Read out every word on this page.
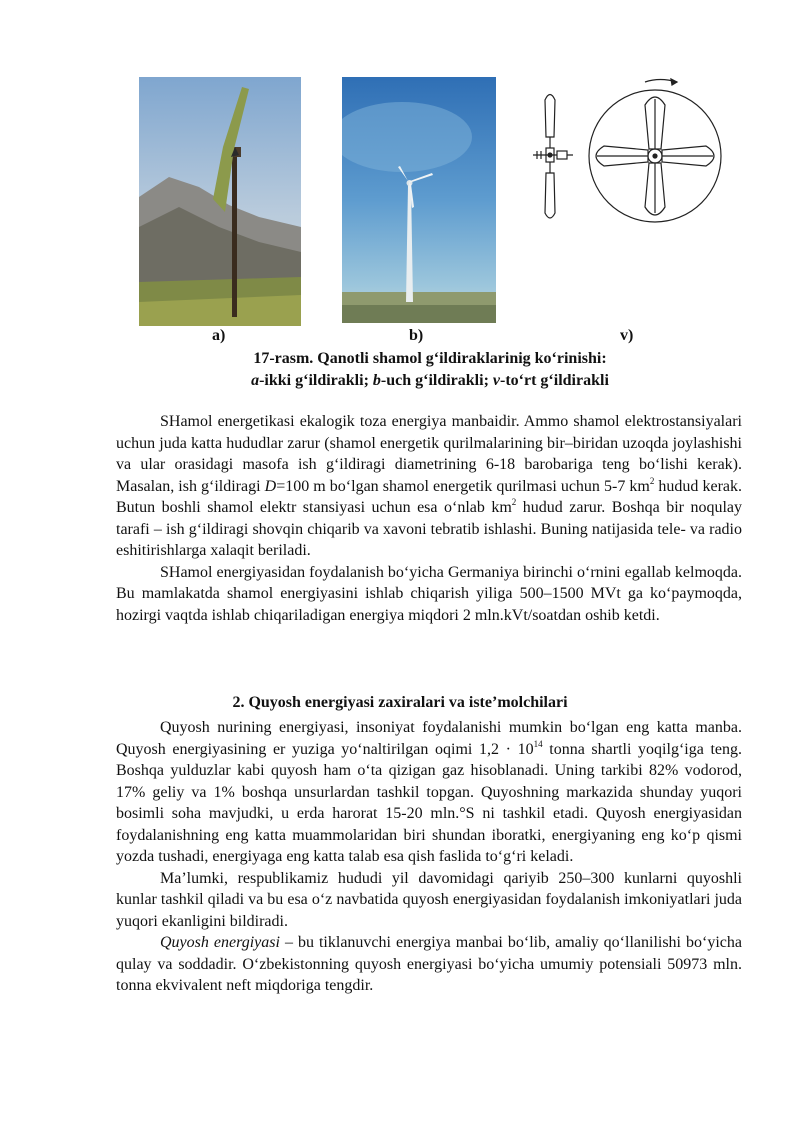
a)	b)	v)
17-rasm. Qanotli shamol g‘ildiraklarinig ko‘rinishi:
a-ikki g‘ildirakli; b-uch g‘ildirakli; v-to‘rt g‘ildirakli

SHamol energetikasi ekalogik toza energiya manbaidir. Ammo shamol elektrostansiyalari uchun juda katta hududlar zarur (shamol energetik qurilmalarining bir–biridan uzoqda joylashishi va ular orasidagi masofa ish g‘ildiragi diametrining 6-18 barobariga teng bo‘lishi kerak). Masalan, ish g‘ildiragi D=100 m bo‘lgan shamol energetik qurilmasi uchun 5-7 $km^2$ hudud kerak. Butun boshli shamol elektr stansiyasi uchun esa o‘nlab $km^2$ hudud zarur. Boshqa bir noqulay tarafi – ish g‘ildiragi shovqin chiqarib va xavoni tebratib ishlashi. Buning natijasida tele- va radio eshitirishlarga xalaqit beriladi.

SHamol energiyasidan foydalanish bo‘yicha Germaniya birinchi o‘rnini egallab kelmoqda. Bu mamlakatda shamol energiyasini ishlab chiqarish yiliga 500–1500 MVt ga ko‘paymoqda, hozirgi vaqtda ishlab chiqariladigan energiya miqdori 2 mln.kVt/soatdan oshib ketdi.

2. Quyosh energiyasi zaxiralari va iste’molchilari

Quyosh nurining energiyasi, insoniyat foydalanishi mumkin bo‘lgan eng katta manba. Quyosh energiyasining er yuziga yo‘naltirilgan oqimi $1,2 \cdot 10^{14}$ tonna shartli yoqilg‘iga teng. Boshqa yulduzlar kabi quyosh ham o‘ta qizigan gaz hisoblanadi. Uning tarkibi 82% vodorod, 17% geliy va 1% boshqa unsurlardan tashkil topgan. Quyoshning markazida shunday yuqori bosimli soha mavjudki, u erda harorat 15-20 mln.°S ni tashkil etadi. Quyosh energiyasidan foydalanishning eng katta muammolaridan biri shundan iboratki, energiyaning eng ko‘p qismi yozda tushadi, energiyaga eng katta talab esa qish faslida to‘g‘ri keladi.

Ma’lumki, respublikamiz hududi yil davomidagi qariyib 250–300 kunlarni quyoshli kunlar tashkil qiladi va bu esa o‘z navbatida quyosh energiyasidan foydalanish imkoniyatlari juda yuqori ekanligini bildiradi.

Quyosh energiyasi – bu tiklanuvchi energiya manbai bo‘lib, amaliy qo‘llanilishi bo‘yicha qulay va soddadir. O‘zbekistonning quyosh energiyasi bo‘yicha umumiy potensiali 50973 mln. tonna ekvivalent neft miqdoriga tengdir.
